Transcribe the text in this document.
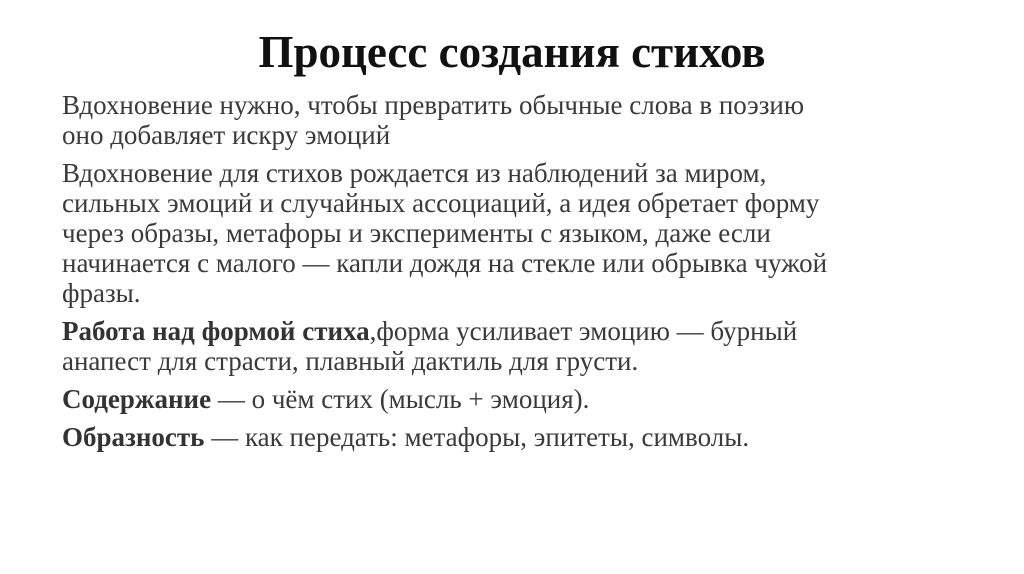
Процесс создания стихов

Вдохновение нужно, чтобы превратить обычные слова в поэзию
оно добавляет искру эмоций

Вдохновение для стихов рождается из наблюдений за миром,
сильных эмоций и случайных ассоциаций, а идея обретает форму
через образы, метафоры и эксперименты с языком, даже если
начинается с малого — капли дождя на стекле или обрывка чужой
фразы.

Работа над формой стиха,форма усиливает эмоцию — бурный
анапест для страсти, плавный дактиль для грусти.

Содержание — о чём стих (мысль + эмоция).

Образность — как передать: метафоры, эпитеты, символы.
